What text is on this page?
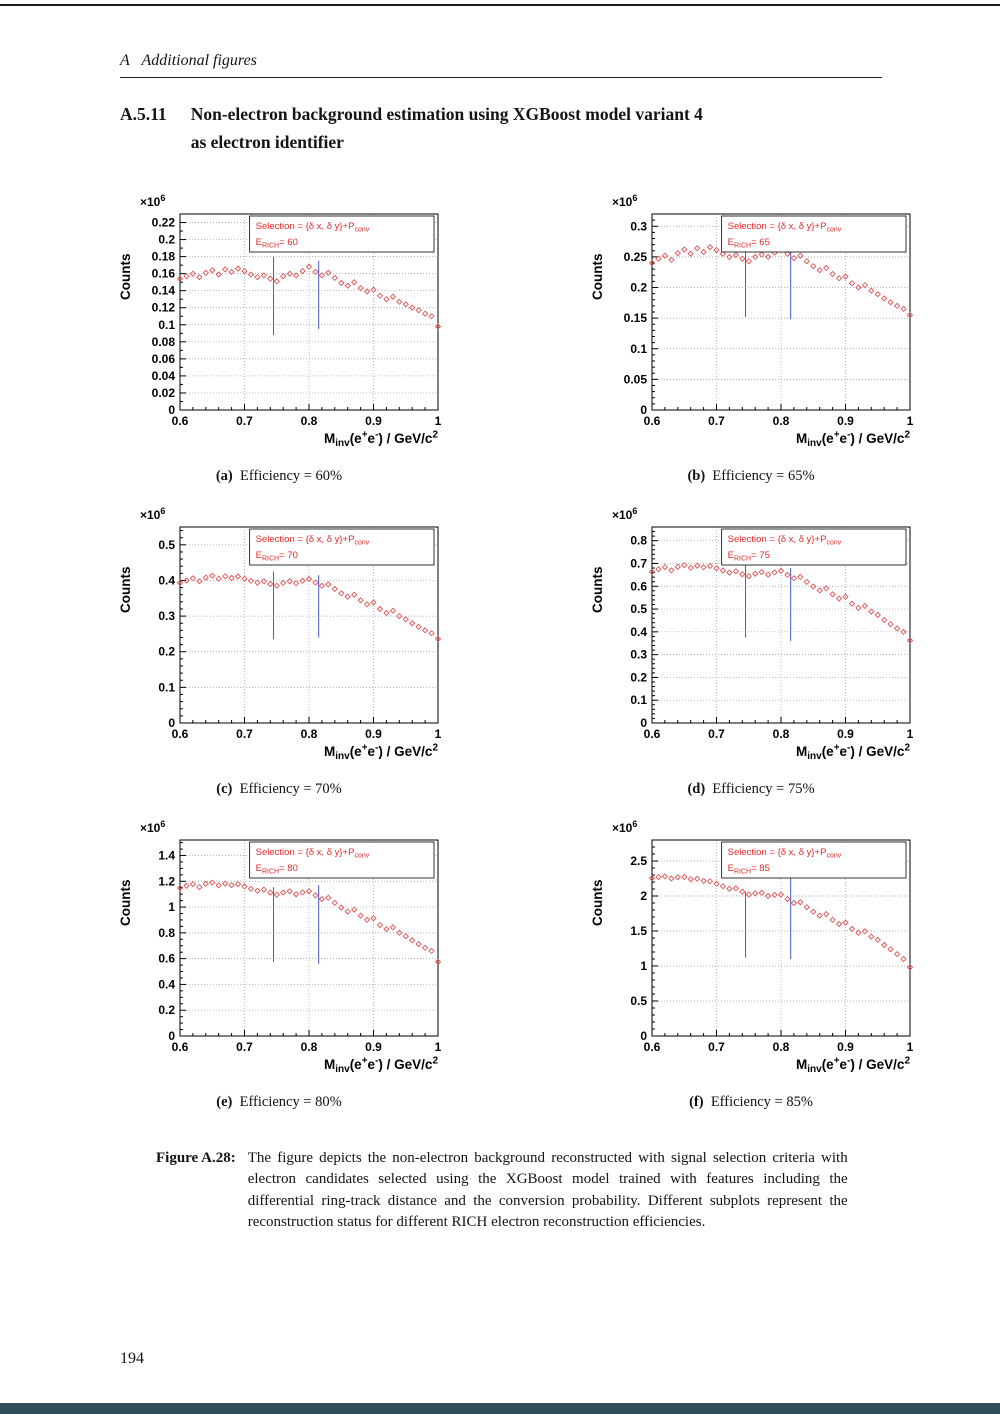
A  Additional figures
A.5.11 Non-electron background estimation using XGBoost model variant 4
as electron identifier
0.6	0.7	0.8	0.9	1
0
0.02
0.04
0.06
0.08
0.1
0.12
0.14
0.16
0.18
0.2
0.22
$\times 10^6$
Counts
$M_{inv}(e^+e^-) / GeV/c^2$
Selection = {δ x, δ $y\}+P_{conv}$
$E_{RICH}= 60$
(a) Efficiency = 60%
0.6	0.7	0.8	0.9	1
0
0.05
0.1
0.15
0.2
0.25
0.3
$\times 10^6$
Counts
$M_{inv}(e^+e^-) / GeV/c^2$
Selection = {δ x, δ $y\}+P_{conv}$
$E_{RICH}= 65$
(b) Efficiency = 65%
0.6	0.7	0.8	0.9	1
0
0.1
0.2
0.3
0.4
0.5
$\times 10^6$
Counts
$M_{inv}(e^+e^-) / GeV/c^2$
Selection = {δ x, δ $y\}+P_{conv}$
$E_{RICH}= 70$
(c) Efficiency = 70%
0.6	0.7	0.8	0.9	1
0
0.1
0.2
0.3
0.4
0.5
0.6
0.7
0.8
$\times 10^6$
Counts
$M_{inv}(e^+e^-) / GeV/c^2$
Selection = {δ x, δ $y\}+P_{conv}$
$E_{RICH}= 75$
(d) Efficiency = 75%
0.6	0.7	0.8	0.9	1
0
0.2
0.4
0.6
0.8
1
1.2
1.4
$\times 10^6$
Counts
$M_{inv}(e^+e^-) / GeV/c^2$
Selection = {δ x, δ $y\}+P_{conv}$
$E_{RICH}= 80$
(e) Efficiency = 80%
0.6	0.7	0.8	0.9	1
0
0.5
1
1.5
2
2.5
$\times 10^6$
Counts
$M_{inv}(e^+e^-) / GeV/c^2$
Selection = {δ x, δ $y\}+P_{conv}$
$E_{RICH}= 85$
(f) Efficiency = 85%
Figure A.28: The figure depicts the non-electron background reconstructed with signal selection criteria with electron candidates selected using the XGBoost model trained with features including the differential ring-track distance and the conversion probability. Different subplots represent the reconstruction status for different RICH electron reconstruction efficiencies.
194
